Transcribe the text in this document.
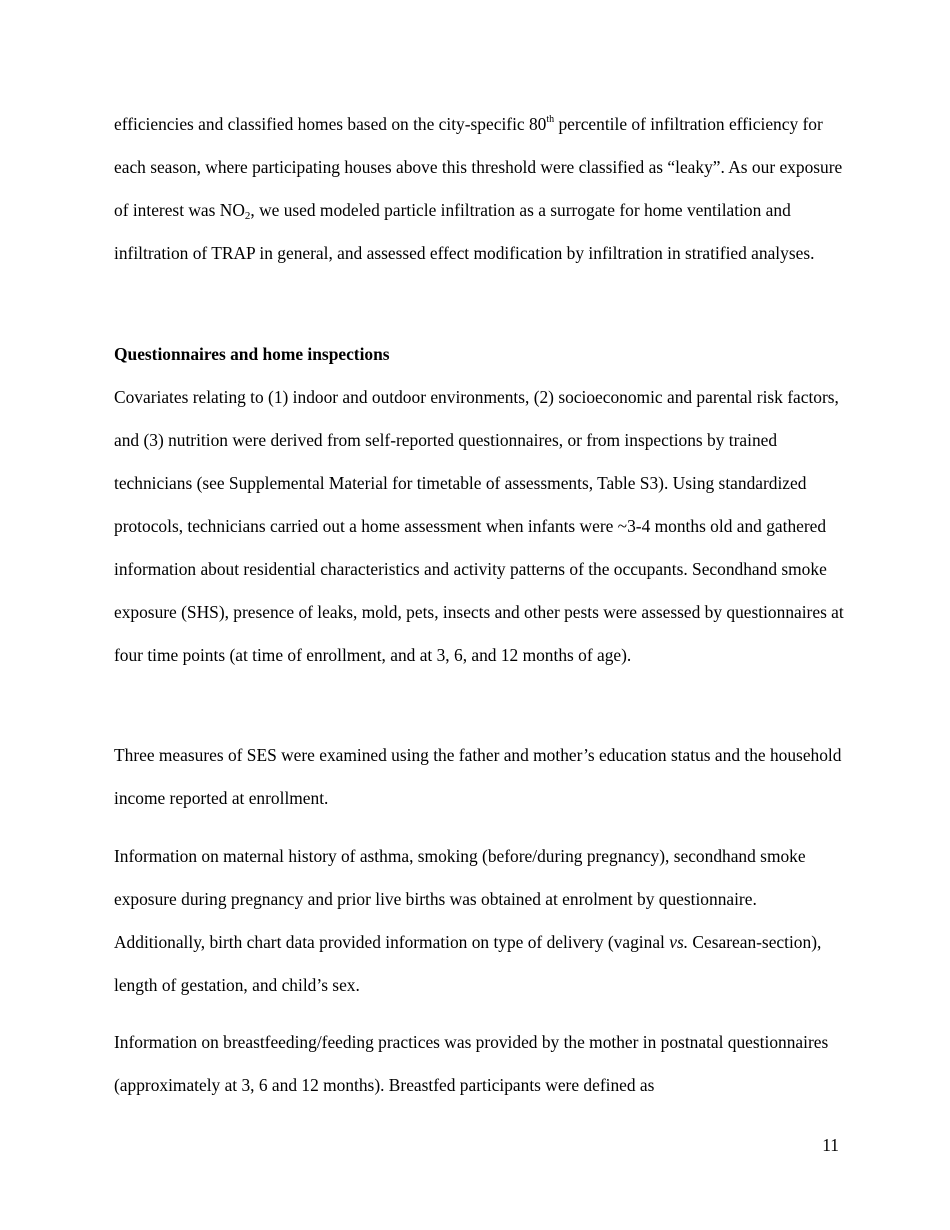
efficiencies and classified homes based on the city-specific 80th percentile of infiltration efficiency for each season, where participating houses above this threshold were classified as “leaky”. As our exposure of interest was $NO_2$, we used modeled particle infiltration as a surrogate for home ventilation and infiltration of TRAP in general, and assessed effect modification by infiltration in stratified analyses.

Questionnaires and home inspections

Covariates relating to (1) indoor and outdoor environments, (2) socioeconomic and parental risk factors, and (3) nutrition were derived from self-reported questionnaires, or from inspections by trained technicians (see Supplemental Material for timetable of assessments, Table S3). Using standardized protocols, technicians carried out a home assessment when infants were ~3-4 months old and gathered information about residential characteristics and activity patterns of the occupants. Secondhand smoke exposure (SHS), presence of leaks, mold, pets, insects and other pests were assessed by questionnaires at four time points (at time of enrollment, and at 3, 6, and 12 months of age).

Three measures of SES were examined using the father and mother’s education status and the household income reported at enrollment.

Information on maternal history of asthma, smoking (before/during pregnancy), secondhand smoke exposure during pregnancy and prior live births was obtained at enrolment by questionnaire. Additionally, birth chart data provided information on type of delivery (vaginal vs. Cesarean-section), length of gestation, and child’s sex.

Information on breastfeeding/feeding practices was provided by the mother in postnatal questionnaires (approximately at 3, 6 and 12 months). Breastfed participants were defined as

11
